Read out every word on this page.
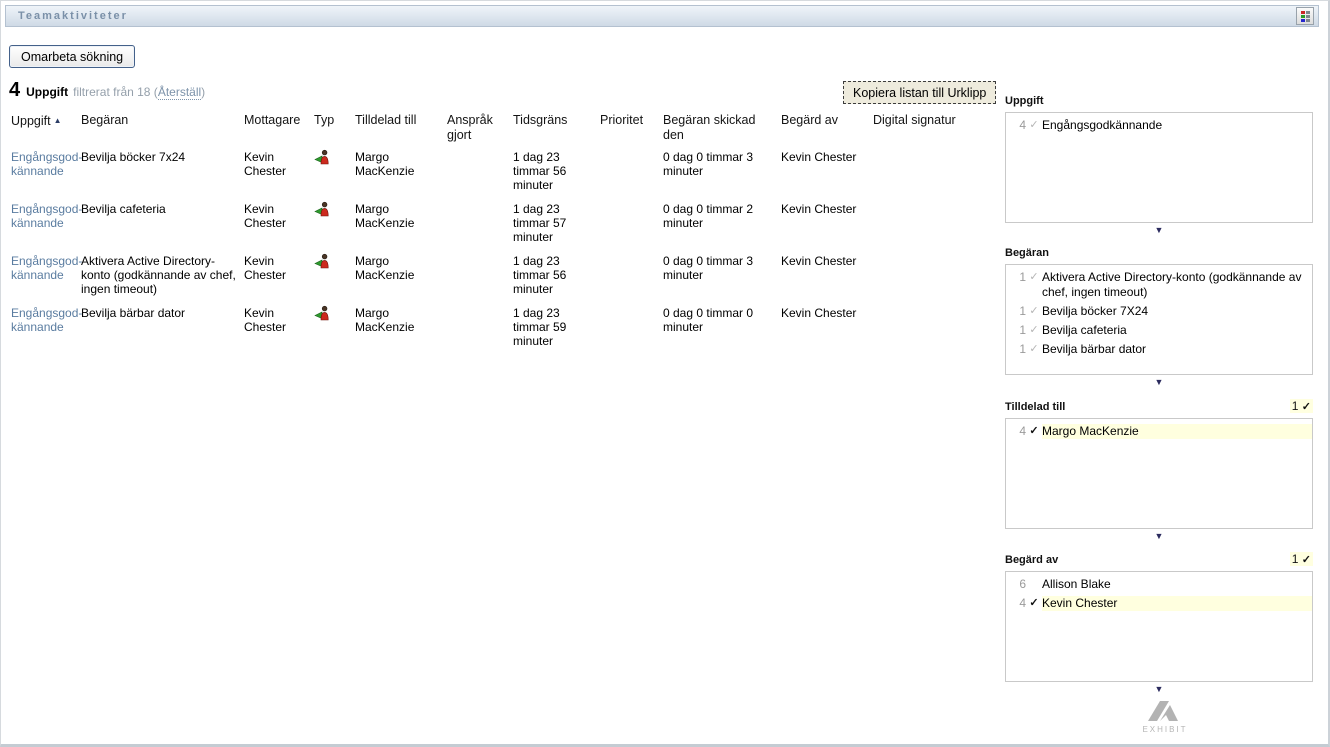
Teamaktiviteter
Omarbeta sökning
4 Uppgift filtrerat från 18 ( Återställ )	Kopiera listan till Urklipp
Uppgift ▲	Begäran	Mottagare	Typ	Tilldelad till	Anspråk gjort	Tidsgräns	Prioritet	Begäran skickad den	Begärd av	Digital signatur
Engångsgod-kännande	Bevilja böcker 7x24	Kevin Chester		Margo MacKenzie		1 dag 23 timmar 56 minuter		0 dag 0 timmar 3 minuter	Kevin Chester	
Engångsgod-kännande	Bevilja cafeteria	Kevin Chester		Margo MacKenzie		1 dag 23 timmar 57 minuter		0 dag 0 timmar 2 minuter	Kevin Chester	
Engångsgod-kännande	Aktivera Active Directory-konto (godkännande av chef, ingen timeout)	Kevin Chester		Margo MacKenzie		1 dag 23 timmar 56 minuter		0 dag 0 timmar 3 minuter	Kevin Chester	
Engångsgod-kännande	Bevilja bärbar dator	Kevin Chester		Margo MacKenzie		1 dag 23 timmar 59 minuter		0 dag 0 timmar 0 minuter	Kevin Chester	
Uppgift
4 ✓ Engångsgodkännande
▼
Begäran
1 ✓ Aktivera Active Directory-konto (godkännande av chef, ingen timeout)
1 ✓ Bevilja böcker 7X24
1 ✓ Bevilja cafeteria
1 ✓ Bevilja bärbar dator
▼
Tilldelad till	1 ✓
4 ✓ Margo MacKenzie
▼
Begärd av	1 ✓
6 Allison Blake
4 ✓ Kevin Chester
▼
EXHIBIT
